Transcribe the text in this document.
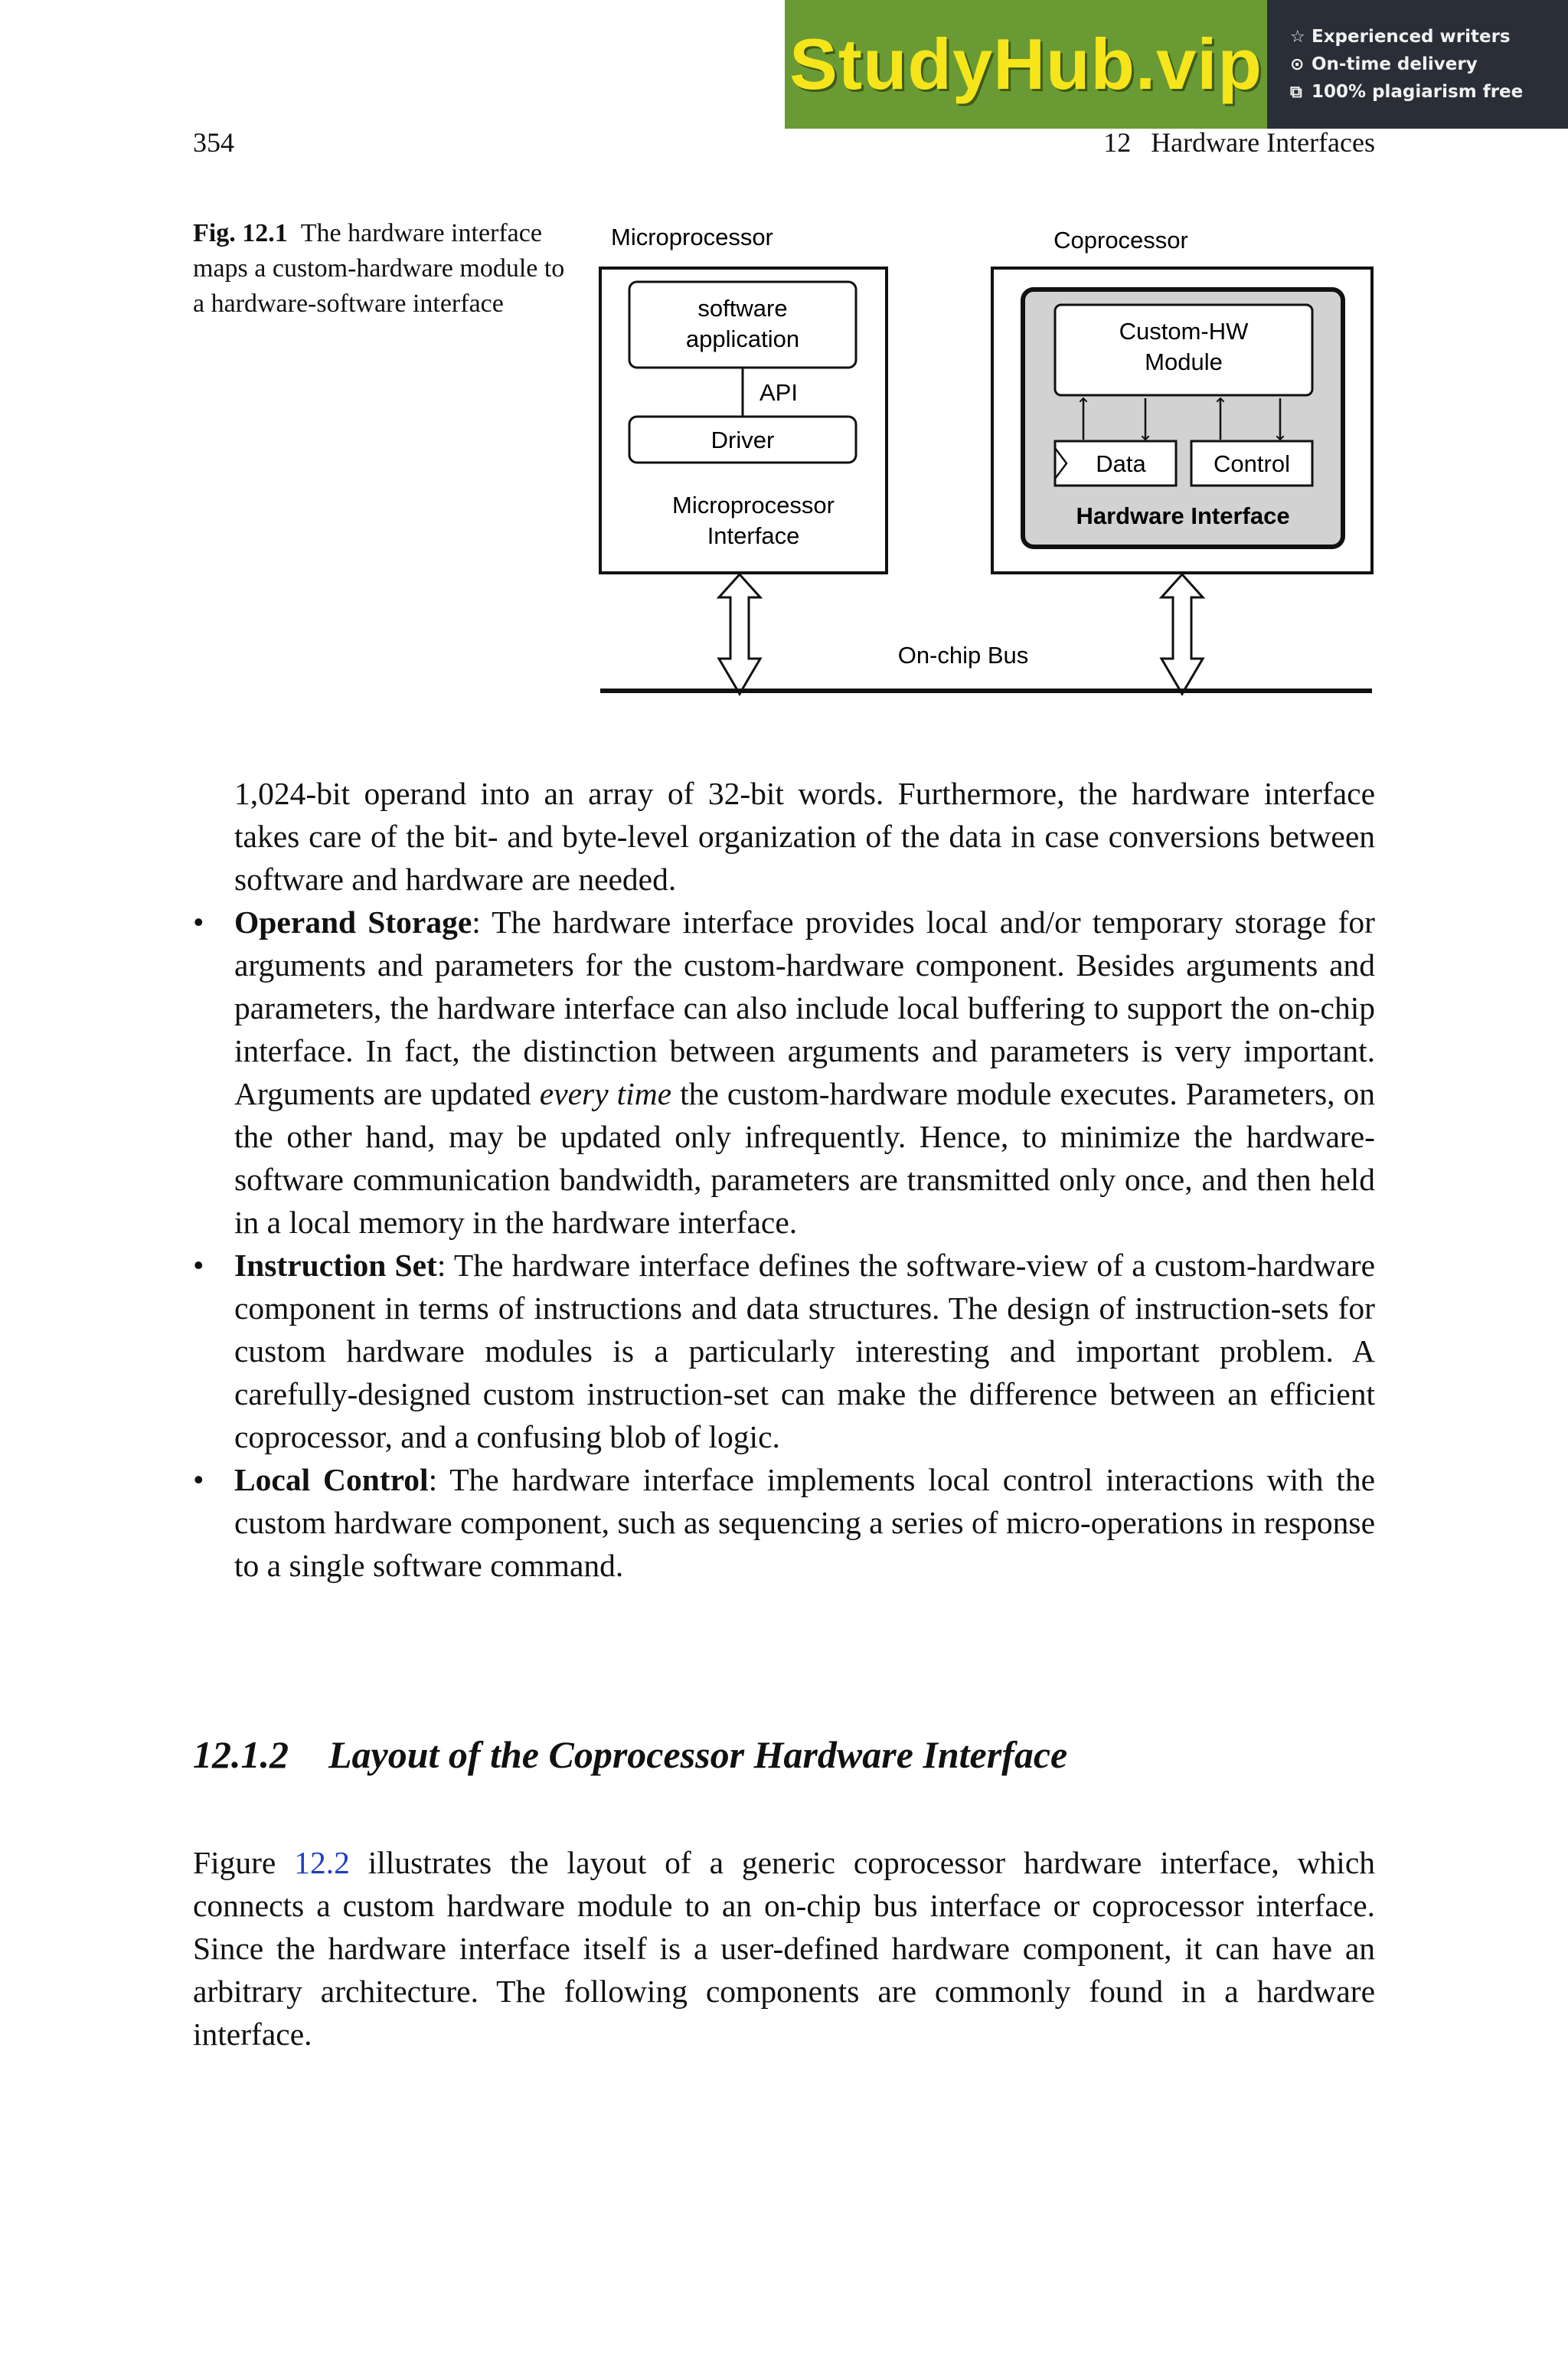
StudyHub.vip ☆ Experienced writers
⊙ On-time delivery
⧉ 100% plagiarism free
354	12 Hardware Interfaces
Fig. 12.1 The hardware interface maps a custom-hardware module to a hardware-software interface
Microprocessor
software
application
API
Driver
Microprocessor
Interface
Coprocessor
Custom-HW
Module
Data	Control
Hardware Interface
On-chip Bus
1,024-bit operand into an array of 32-bit words. Furthermore, the hardware interface takes care of the bit- and byte-level organization of the data in case conversions between software and hardware are needed.
• Operand Storage: The hardware interface provides local and/or temporary storage for arguments and parameters for the custom-hardware component. Besides arguments and parameters, the hardware interface can also include local buffering to support the on-chip interface. In fact, the distinction between arguments and parameters is very important. Arguments are updated every time the custom-hardware module executes. Parameters, on the other hand, may be updated only infrequently. Hence, to minimize the hardware-software communication bandwidth, parameters are transmitted only once, and then held in a local memory in the hardware interface.
• Instruction Set: The hardware interface defines the software-view of a custom-hardware component in terms of instructions and data structures. The design of instruction-sets for custom hardware modules is a particularly interesting and important problem. A carefully-designed custom instruction-set can make the difference between an efficient coprocessor, and a confusing blob of logic.
• Local Control: The hardware interface implements local control interactions with the custom hardware component, such as sequencing a series of micro-operations in response to a single software command.
12.1.2 Layout of the Coprocessor Hardware Interface
Figure 12.2 illustrates the layout of a generic coprocessor hardware interface, which connects a custom hardware module to an on-chip bus interface or coprocessor interface. Since the hardware interface itself is a user-defined hardware component, it can have an arbitrary architecture. The following components are commonly found in a hardware interface.
